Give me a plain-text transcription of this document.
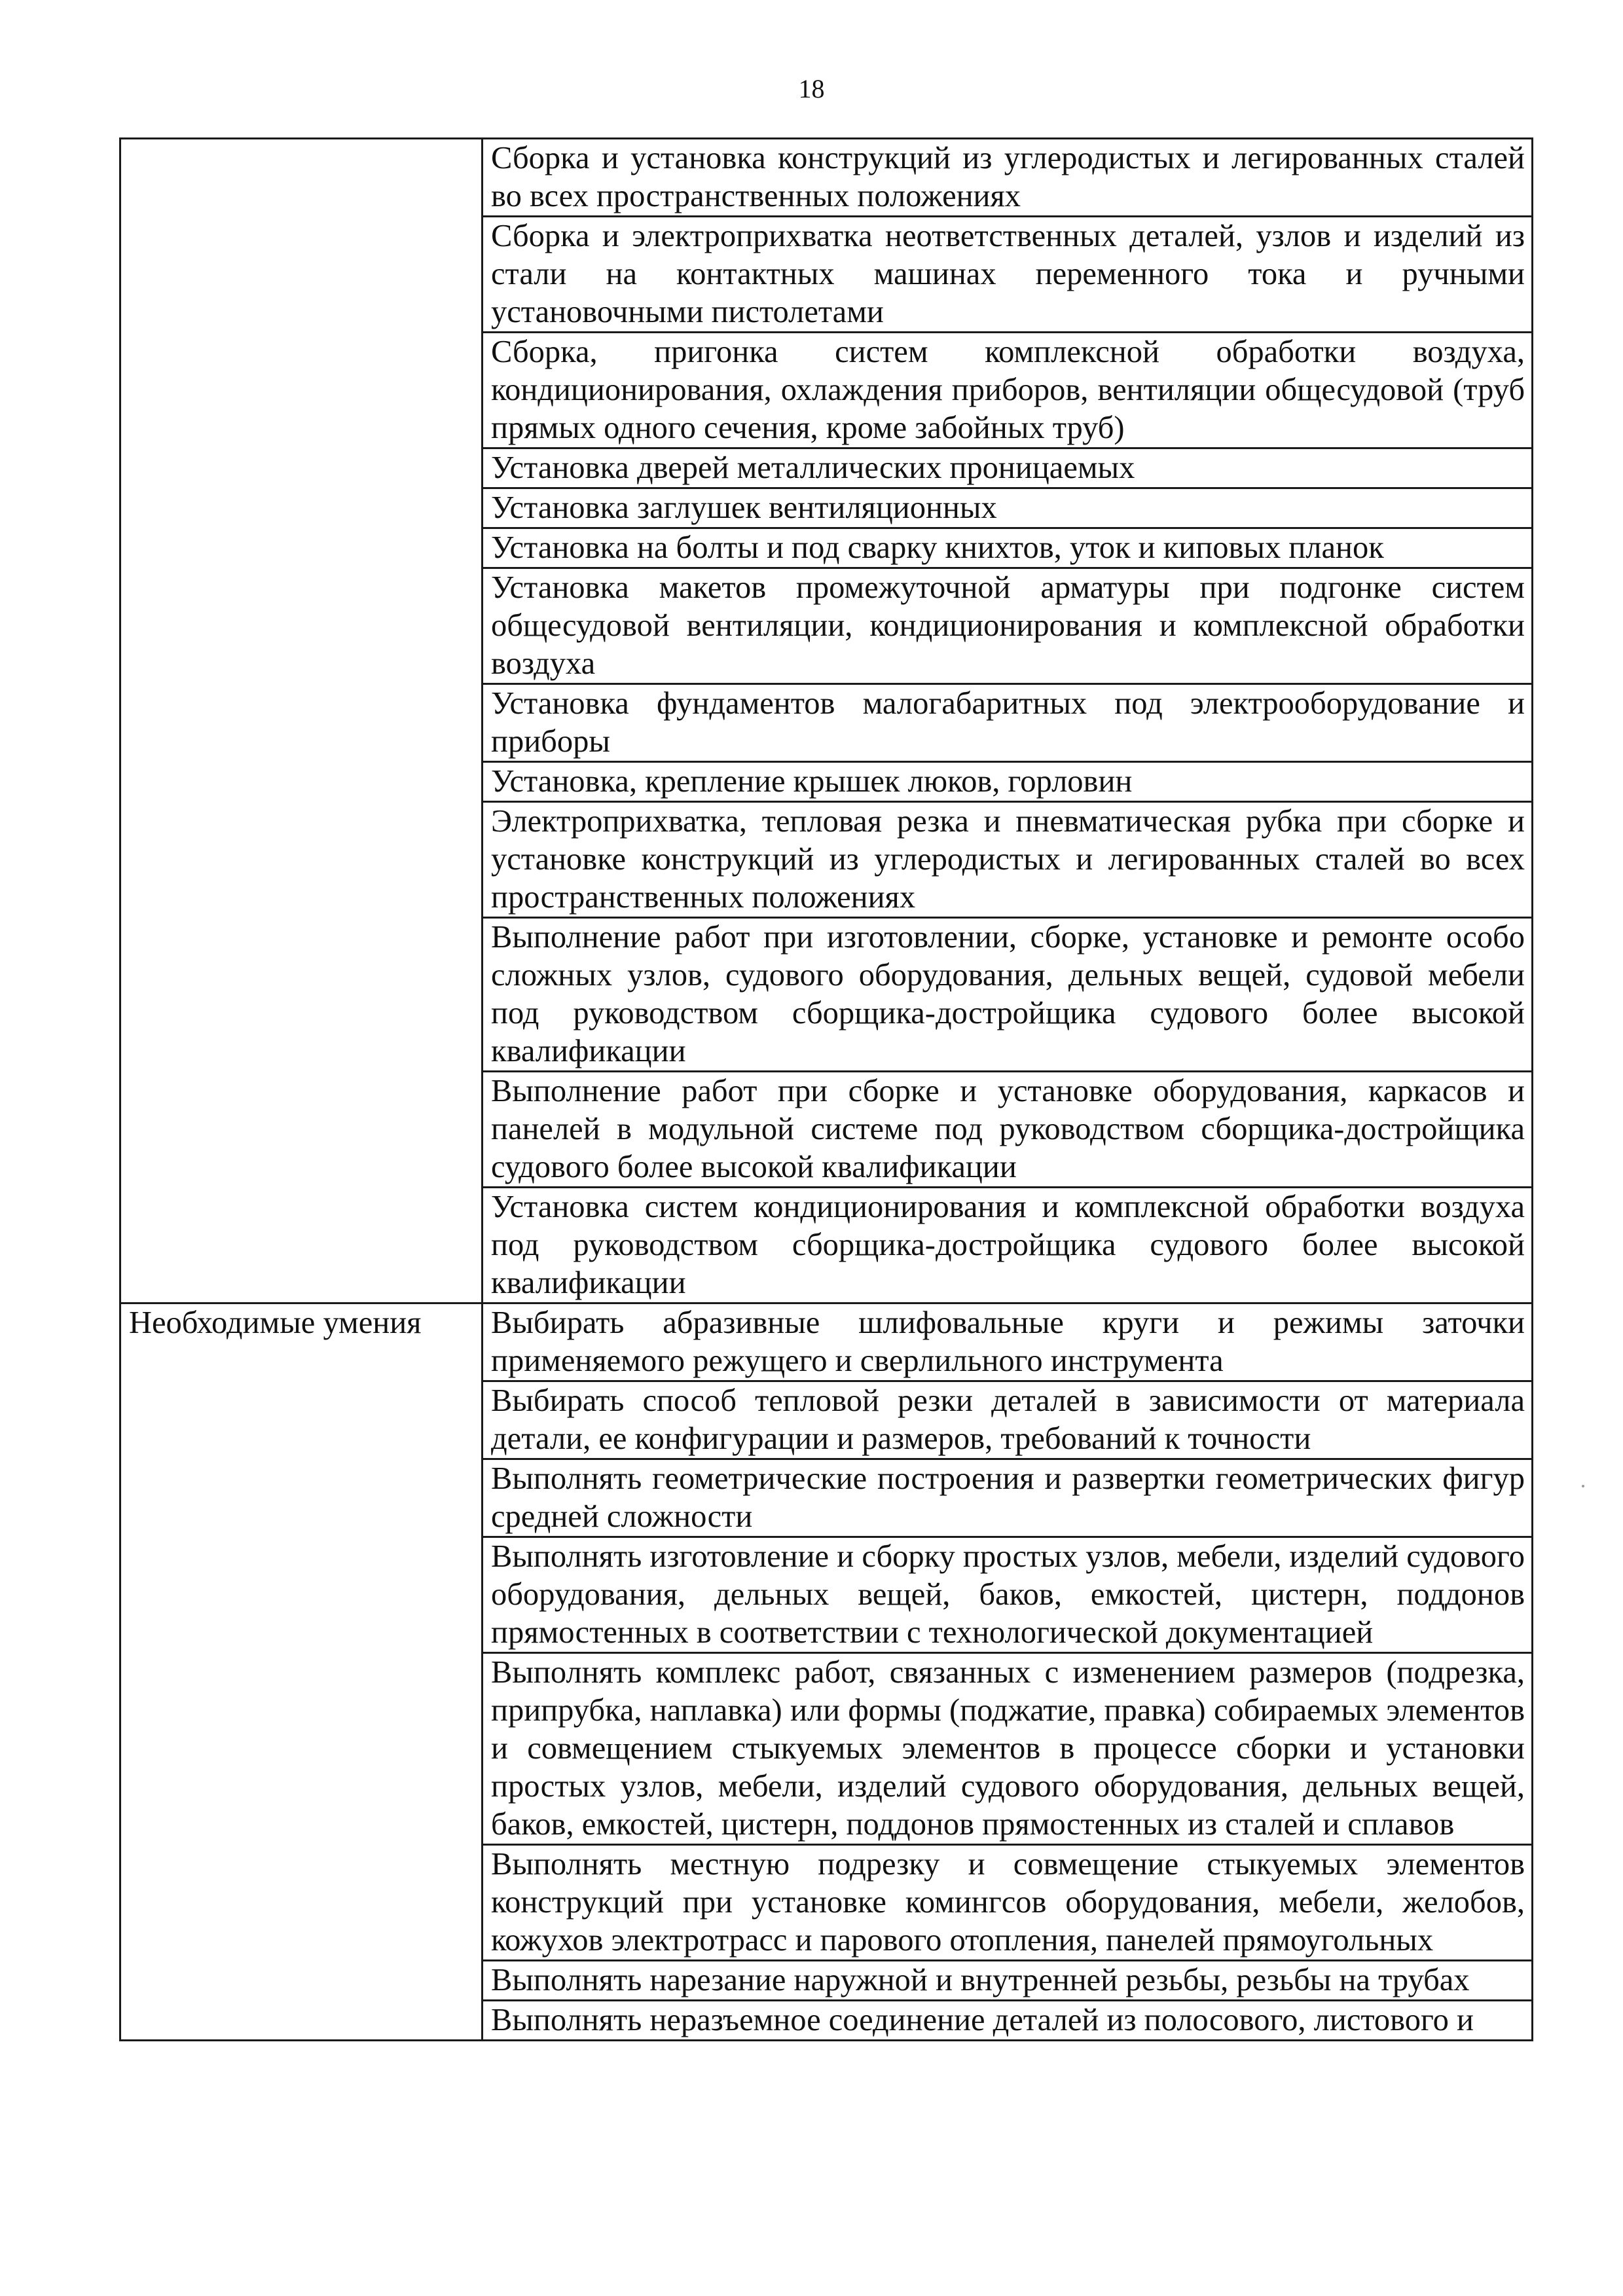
18
	Сборка и установка конструкций из углеродистых и легированных сталей во всех пространственных положениях
	Сборка и электроприхватка неответственных деталей, узлов и изделий из стали на контактных машинах переменного тока и ручными установочными пистолетами
	Сборка, пригонка систем комплексной обработки воздуха, кондиционирования, охлаждения приборов, вентиляции общесудовой (труб прямых одного сечения, кроме забойных труб)
	Установка дверей металлических проницаемых
	Установка заглушек вентиляционных
	Установка на болты и под сварку книхтов, уток и киповых планок
	Установка макетов промежуточной арматуры при подгонке систем общесудовой вентиляции, кондиционирования и комплексной обработки воздуха
	Установка фундаментов малогабаритных под электрооборудование и приборы
	Установка, крепление крышек люков, горловин
	Электроприхватка, тепловая резка и пневматическая рубка при сборке и установке конструкций из углеродистых и легированных сталей во всех пространственных положениях
	Выполнение работ при изготовлении, сборке, установке и ремонте особо сложных узлов, судового оборудования, дельных вещей, судовой мебели под руководством сборщика-достройщика судового более высокой квалификации
	Выполнение работ при сборке и установке оборудования, каркасов и панелей в модульной системе под руководством сборщика-достройщика судового более высокой квалификации
	Установка систем кондиционирования и комплексной обработки воздуха под руководством сборщика-достройщика судового более высокой квалификации
Необходимые умения	Выбирать абразивные шлифовальные круги и режимы заточки применяемого режущего и сверлильного инструмента
	Выбирать способ тепловой резки деталей в зависимости от материала детали, ее конфигурации и размеров, требований к точности
	Выполнять геометрические построения и развертки геометрических фигур средней сложности
	Выполнять изготовление и сборку простых узлов, мебели, изделий судового оборудования, дельных вещей, баков, емкостей, цистерн, поддонов прямостенных в соответствии с технологической документацией
	Выполнять комплекс работ, связанных с изменением размеров (подрезка, припрубка, наплавка) или формы (поджатие, правка) собираемых элементов и совмещением стыкуемых элементов в процессе сборки и установки простых узлов, мебели, изделий судового оборудования, дельных вещей, баков, емкостей, цистерн, поддонов прямостенных из сталей и сплавов
	Выполнять местную подрезку и совмещение стыкуемых элементов конструкций при установке комингсов оборудования, мебели, желобов, кожухов электротрасс и парового отопления, панелей прямоугольных
	Выполнять нарезание наружной и внутренней резьбы, резьбы на трубах
	Выполнять неразъемное соединение деталей из полосового, листового и
